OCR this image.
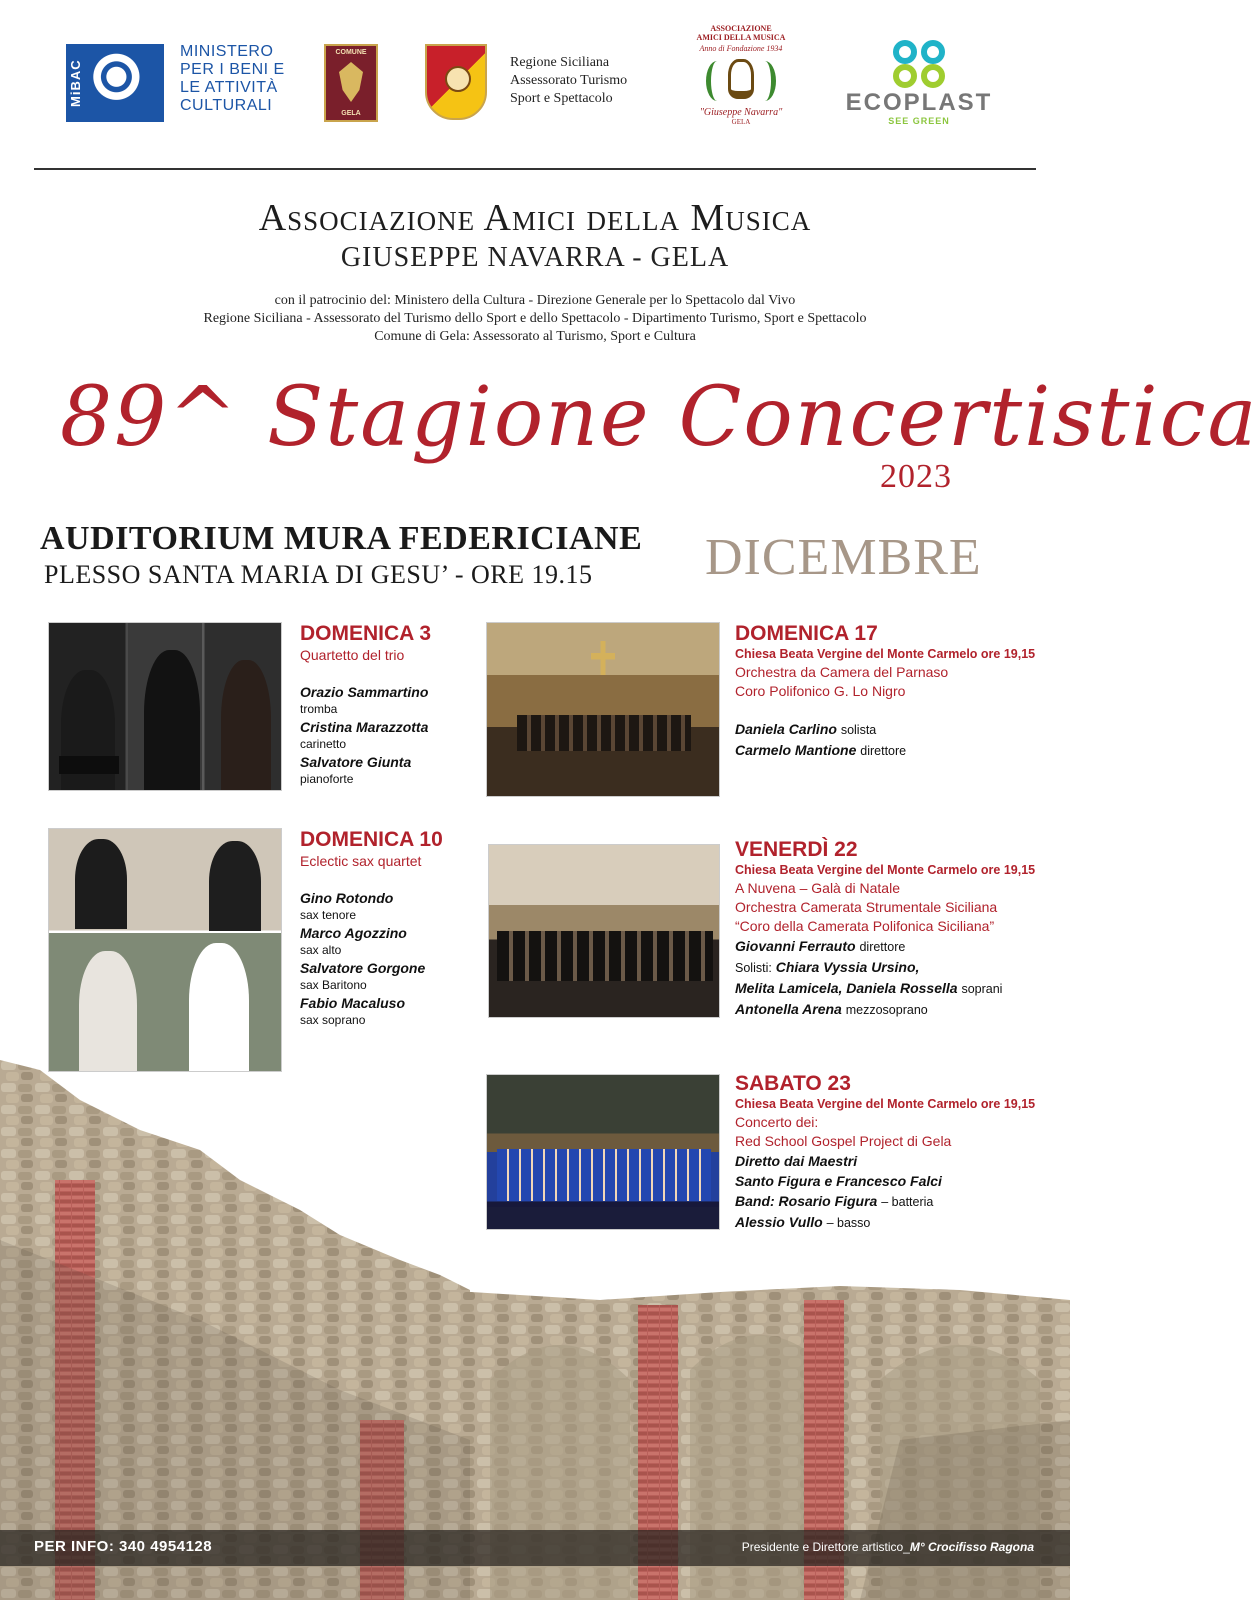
MiBAC
MINISTERO
PER I BENI E
LE ATTIVITÀ
CULTURALI
COMUNE
GELA
Regione Siciliana
Assessorato Turismo
Sport e Spettacolo
ASSOCIAZIONE
AMICI DELLA MUSICA
Anno di Fondazione 1934
"Giuseppe Navarra"
GELA
ECOPLAST
SEE GREEN
Associazione Amici della Musica
GIUSEPPE NAVARRA - GELA
con il patrocinio del: Ministero della Cultura - Direzione Generale per lo Spettacolo dal Vivo
Regione Siciliana - Assessorato del Turismo dello Sport e dello Spettacolo - Dipartimento Turismo, Sport e Spettacolo
Comune di Gela: Assessorato al Turismo, Sport e Cultura
89^ Stagione Concertistica
2023
AUDITORIUM MURA FEDERICIANE
PLESSO SANTA MARIA DI GESU’ - ORE 19.15 DICEMBRE
DOMENICA 3
Quartetto del trio
Orazio Sammartino
tromba
Cristina Marazzotta
carinetto
Salvatore Giunta
pianoforte
DOMENICA 10
Eclectic sax quartet
Gino Rotondo
sax tenore
Marco Agozzino
sax alto
Salvatore Gorgone
sax Baritono
Fabio Macaluso
sax soprano
DOMENICA 17
Chiesa Beata Vergine del Monte Carmelo ore 19,15
Orchestra da Camera del Parnaso
Coro Polifonico G. Lo Nigro
Daniela Carlino solista
Carmelo Mantione direttore
VENERDÌ 22
Chiesa Beata Vergine del Monte Carmelo ore 19,15
A Nuvena – Galà di Natale
Orchestra Camerata Strumentale Siciliana
“Coro della Camerata Polifonica Siciliana”
Giovanni Ferrauto direttore
Solisti: Chiara Vyssia Ursino,
Melita Lamicela, Daniela Rossella soprani
Antonella Arena mezzosoprano
SABATO 23
Chiesa Beata Vergine del Monte Carmelo ore 19,15
Concerto dei:
Red School Gospel Project di Gela
Diretto dai Maestri
Santo Figura e Francesco Falci
Band: Rosario Figura – batteria
Alessio Vullo – basso
PER INFO: 340 4954128	Presidente e Direttore artistico_M° Crocifisso Ragona
